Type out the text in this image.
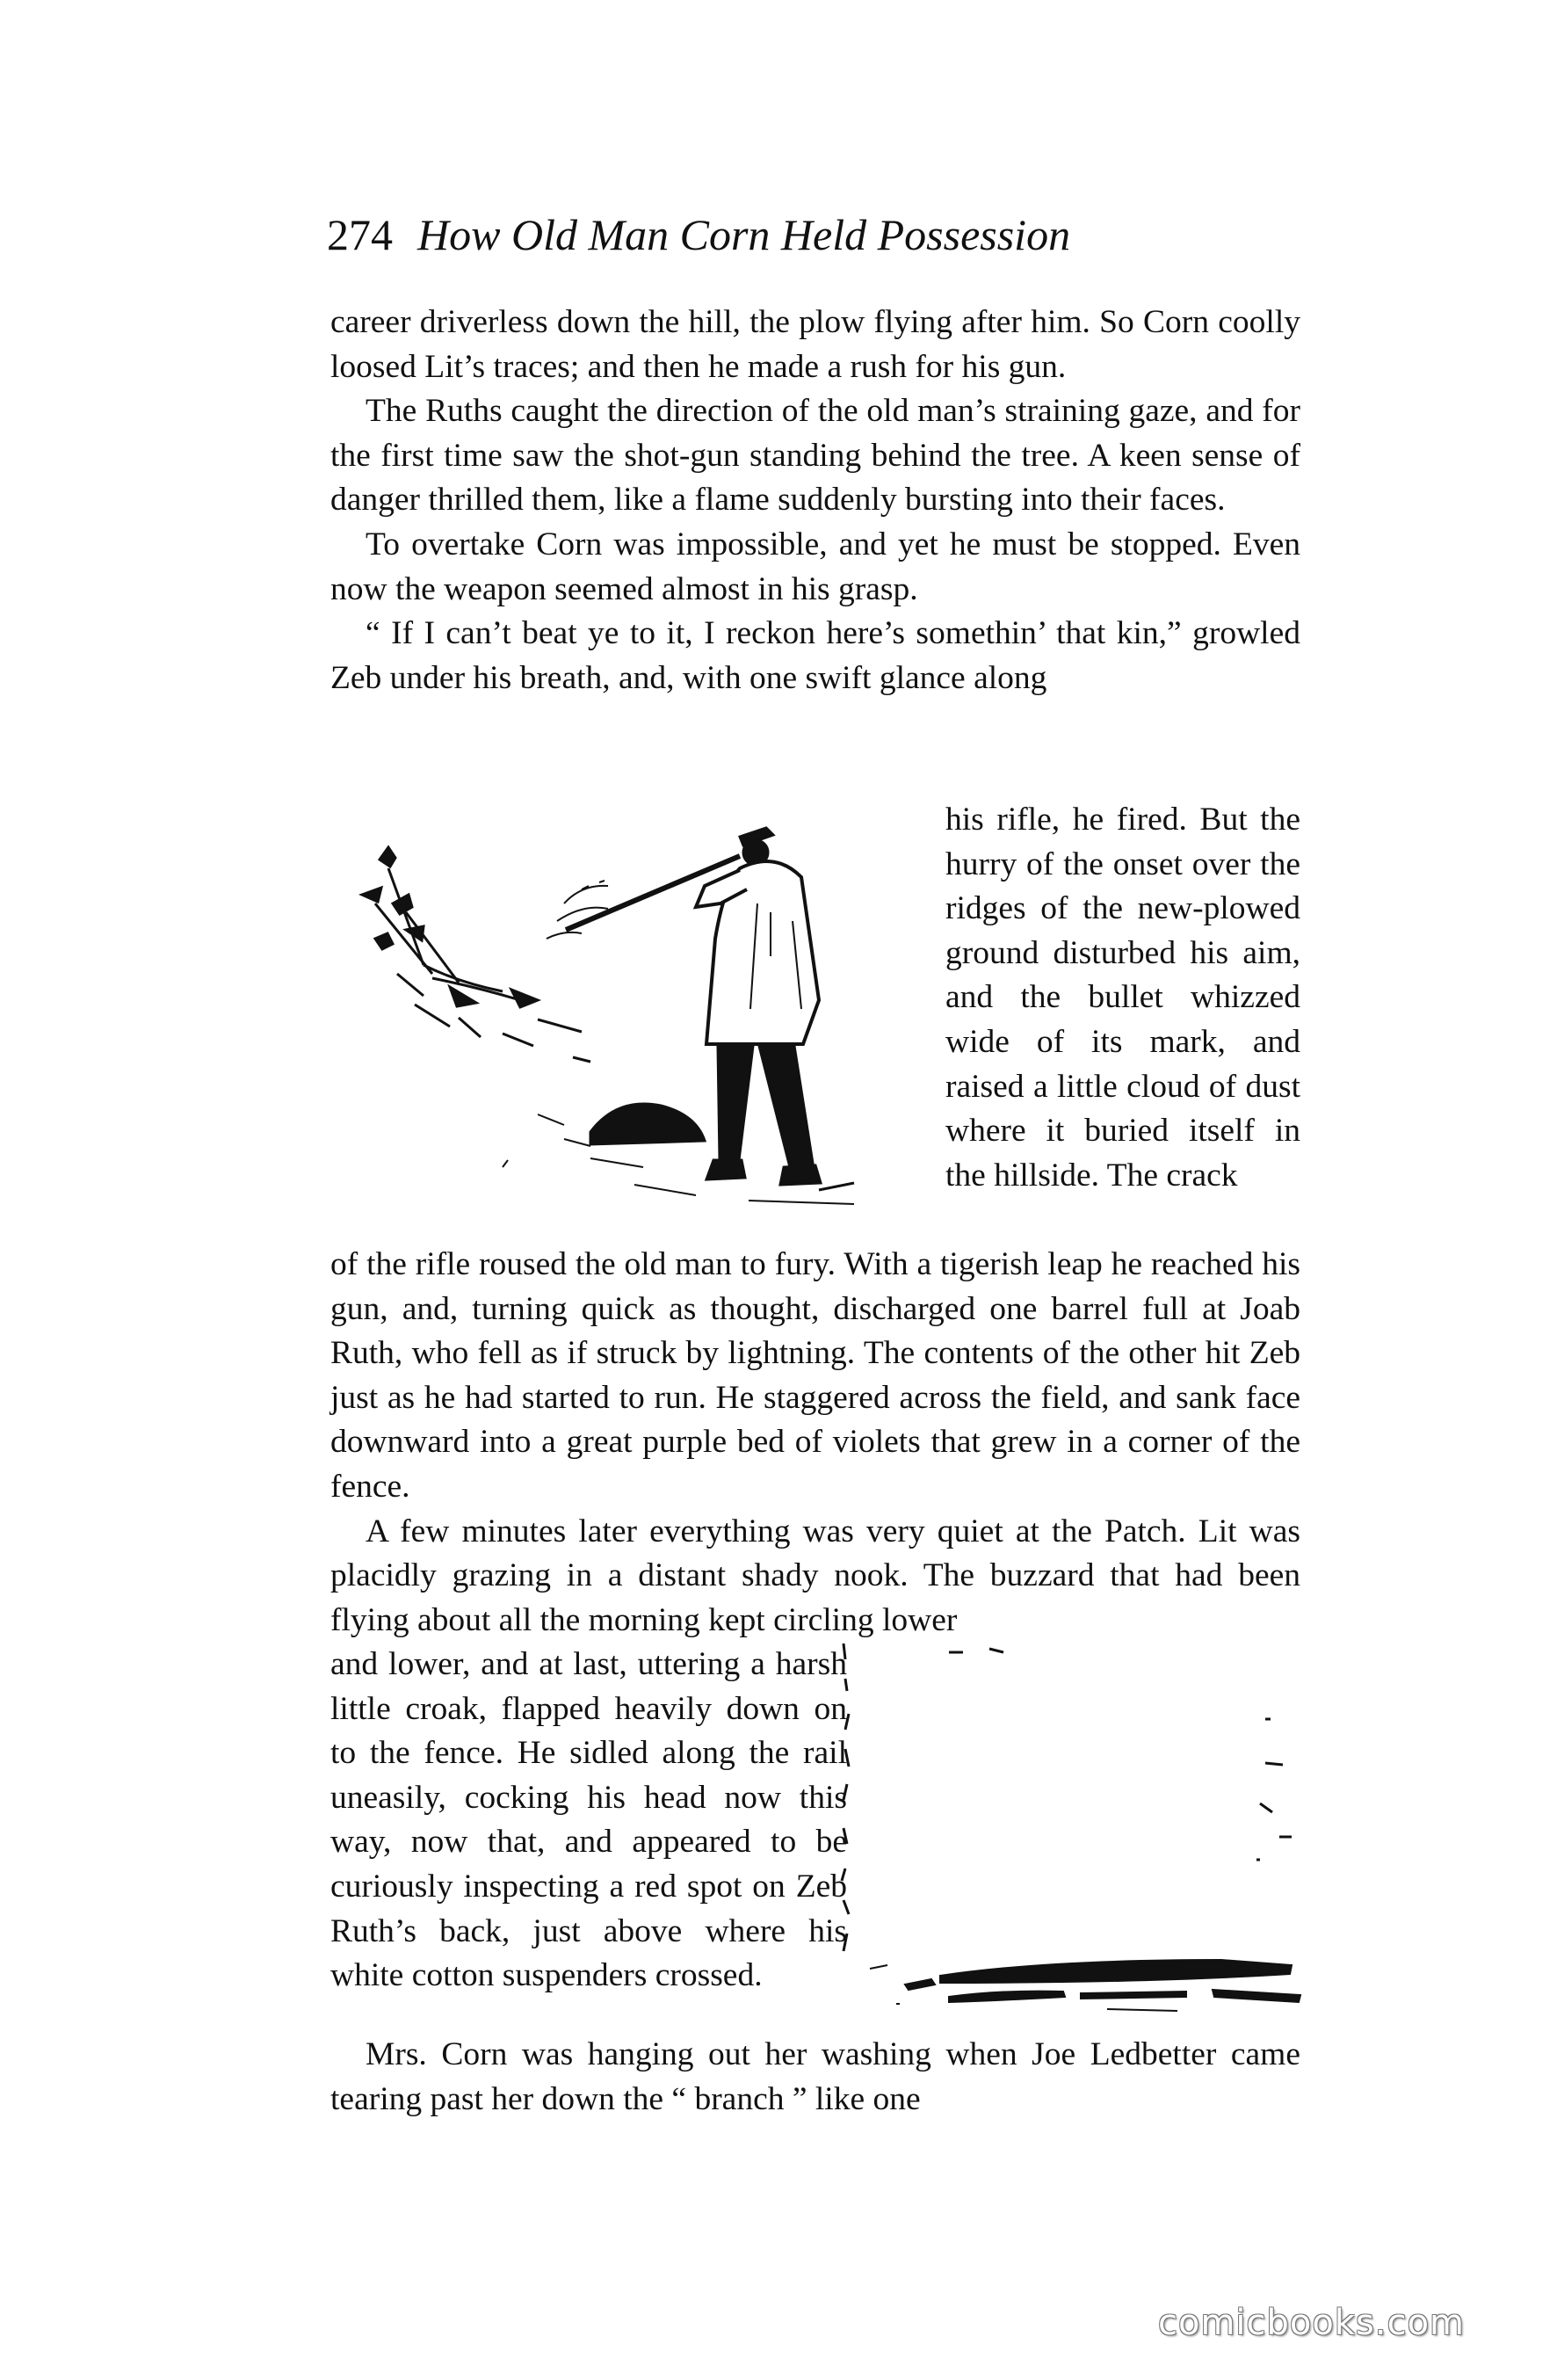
274 How Old Man Corn Held Possession

career driverless down the hill, the plow flying after him. So Corn coolly loosed Lit’s traces; and then he made a rush for his gun.

The Ruths caught the direction of the old man’s straining gaze, and for the first time saw the shot-gun standing behind the tree. A keen sense of danger thrilled them, like a flame suddenly bursting into their faces.

To overtake Corn was impossible, and yet he must be stopped. Even now the weapon seemed almost in his grasp.

“ If I can’t beat ye to it, I reckon here’s somethin’ that kin,” growled Zeb under his breath, and, with one swift glance along

his rifle, he fired. But the hurry of the onset over the ridges of the new-plowed ground disturbed his aim, and the bullet whizzed wide of its mark, and raised a little cloud of dust where it buried itself in the hillside. The crack

of the rifle roused the old man to fury. With a tigerish leap he reached his gun, and, turning quick as thought, discharged one barrel full at Joab Ruth, who fell as if struck by lightning. The contents of the other hit Zeb just as he had started to run. He staggered across the field, and sank face downward into a great purple bed of violets that grew in a corner of the fence.

A few minutes later everything was very quiet at the Patch. Lit was placidly grazing in a distant shady nook. The buzzard that had been flying about all the morning kept circling lower

and lower, and at last, uttering a harsh little croak, flapped heavily down on to the fence. He sidled along the rail uneasily, cocking his head now this way, now that, and appeared to be curiously inspecting a red spot on Zeb Ruth’s back, just above where his white cotton suspenders crossed.

Mrs. Corn was hanging out her washing when Joe Ledbetter came tearing past her down the “ branch ” like one

comicbooks.com
